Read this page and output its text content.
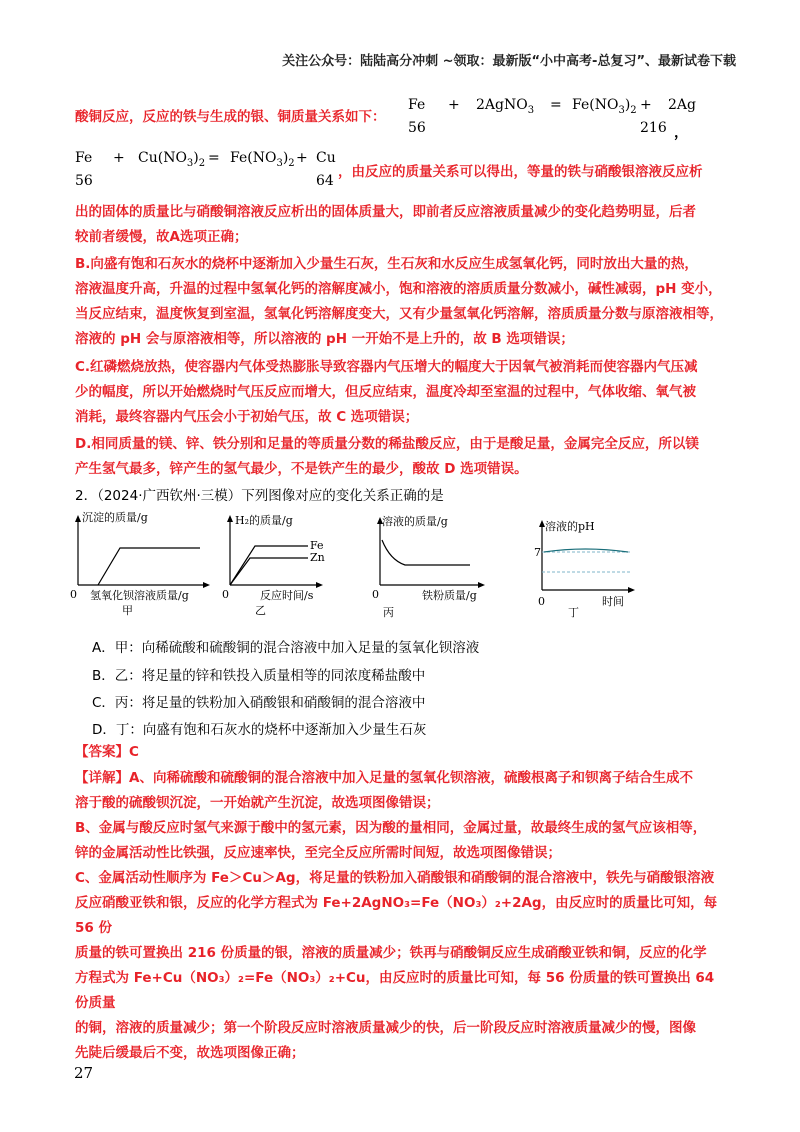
关注公众号：陆陆高分冲刺 ~领取：最新版“小中高考-总复习”、最新试卷下载
酸铜反应，反应的铁与生成的银、铜质量关系如下：
Fe + 2AgNO$_3$ = $Fe(NO_3)_2 + 2Ag$
56	216 ，
$Fe + Cu(NO_3)_2 = Fe(NO_3)_2 + Cu$
56	64
，由反应的质量关系可以得出，等量的铁与硝酸银溶液反应析
出的固体的质量比与硝酸铜溶液反应析出的固体质量大，即前者反应溶液质量减少的变化趋势明显，后者
较前者缓慢，故A选项正确；
B.向盛有饱和石灰水的烧杯中逐渐加入少量生石灰，生石灰和水反应生成氢氧化钙，同时放出大量的热，
溶液温度升高，升温的过程中氢氧化钙的溶解度减小，饱和溶液的溶质质量分数减小，碱性减弱，pH 变小，
当反应结束，温度恢复到室温，氢氧化钙溶解度变大，又有少量氢氧化钙溶解，溶质质量分数与原溶液相等，
溶液的 pH 会与原溶液相等，所以溶液的 pH 一开始不是上升的，故 B 选项错误；
C.红磷燃烧放热，使容器内气体受热膨胀导致容器内气压增大的幅度大于因氧气被消耗而使容器内气压减
少的幅度，所以开始燃烧时气压反应而增大，但反应结束，温度冷却至室温的过程中，气体收缩、氧气被
消耗，最终容器内气压会小于初始气压，故 C 选项错误；
D.相同质量的镁、锌、铁分别和足量的等质量分数的稀盐酸反应，由于是酸足量，金属完全反应，所以镁
产生氢气最多，锌产生的氢气最少，不是铁产生的最少，酸故 D 选项错误。
2．（2024·广西钦州·三模）下列图像对应的变化关系正确的是
沉淀的质量/g
0 氢氧化钡溶液质量/g
甲
H₂的质量/g
Fe
Zn
0	反应时间/s
乙
溶液的质量/g
0	铁粉质量/g
丙
溶液的pH
7
0	时间
丁
A．甲：向稀硫酸和硫酸铜的混合溶液中加入足量的氢氧化钡溶液
B．乙：将足量的锌和铁投入质量相等的同浓度稀盐酸中
C．丙：将足量的铁粉加入硝酸银和硝酸铜的混合溶液中
D．丁：向盛有饱和石灰水的烧杯中逐渐加入少量生石灰
【答案】C
【详解】A、向稀硫酸和硫酸铜的混合溶液中加入足量的氢氧化钡溶液，硫酸根离子和钡离子结合生成不
溶于酸的硫酸钡沉淀，一开始就产生沉淀，故选项图像错误；
B、金属与酸反应时氢气来源于酸中的氢元素，因为酸的量相同，金属过量，故最终生成的氢气应该相等，
锌的金属活动性比铁强，反应速率快，至完全反应所需时间短，故选项图像错误；
C、金属活动性顺序为 Fe＞Cu＞Ag，将足量的铁粉加入硝酸银和硝酸铜的混合溶液中，铁先与硝酸银溶液
反应硝酸亚铁和银，反应的化学方程式为 Fe+2AgNO₃=Fe（NO₃）₂+2Ag，由反应时的质量比可知，每 56 份
质量的铁可置换出 216 份质量的银，溶液的质量减少；铁再与硝酸铜反应生成硝酸亚铁和铜，反应的化学
方程式为 Fe+Cu（NO₃）₂=Fe（NO₃）₂+Cu，由反应时的质量比可知，每 56 份质量的铁可置换出 64 份质量
的铜，溶液的质量减少；第一个阶段反应时溶液质量减少的快，后一阶段反应时溶液质量减少的慢，图像
先陡后缓最后不变，故选项图像正确；
27
